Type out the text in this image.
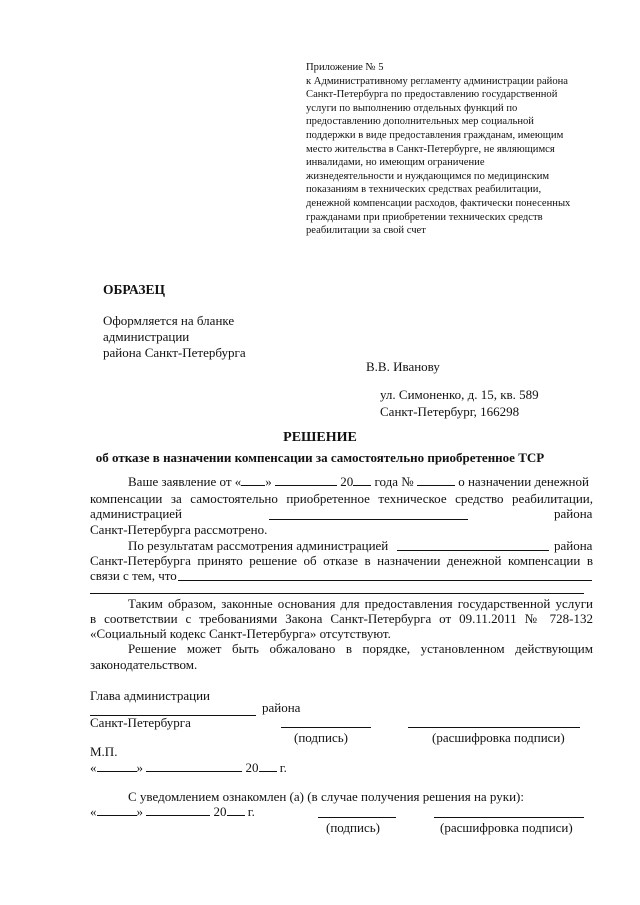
Приложение № 5
к Административному регламенту администрации района
Санкт-Петербурга по предоставлению государственной
услуги по выполнению отдельных функций по
предоставлению дополнительных мер социальной
поддержки в виде предоставления гражданам, имеющим
место жительства в Санкт-Петербурге, не являющимся
инвалидами, но имеющим ограничение
жизнедеятельности и нуждающимся по медицинским
показаниям в технических средствах реабилитации,
денежной компенсации расходов, фактически понесенных
гражданами при приобретении технических средств
реабилитации за свой счет
ОБРАЗЕЦ
Оформляется на бланке
администрации
района Санкт-Петербурга
В.В. Иванову
ул. Симоненко, д. 15, кв. 589
Санкт-Петербург, 166298
РЕШЕНИЕ
об отказе в назначении компенсации за самостоятельно приобретенное ТСР
Ваше заявление от « »	20 года №	о назначении денежной
компенсации за самостоятельно приобретенное техническое средство реабилитации,
администрацией	района
Санкт-Петербурга рассмотрено.
По результатам рассмотрения администрацией	района
Санкт-Петербурга принято решение об отказе в назначении денежной компенсации в
связи с тем, что
Таким образом, законные основания для предоставления государственной услуги
в соответствии с требованиями Закона Санкт-Петербурга от 09.11.2011 № 728-132
«Социальный кодекс Санкт-Петербурга» отсутствуют.
Решение может быть обжаловано в порядке, установленном действующим
законодательством.
Глава администрации
района
Санкт-Петербурга
(подпись)	(расшифровка подписи)
М.П.
«	»	20 г.
С уведомлением ознакомлен (а) (в случае получения решения на руки):
«	»	20 г.
(подпись)	(расшифровка подписи)
